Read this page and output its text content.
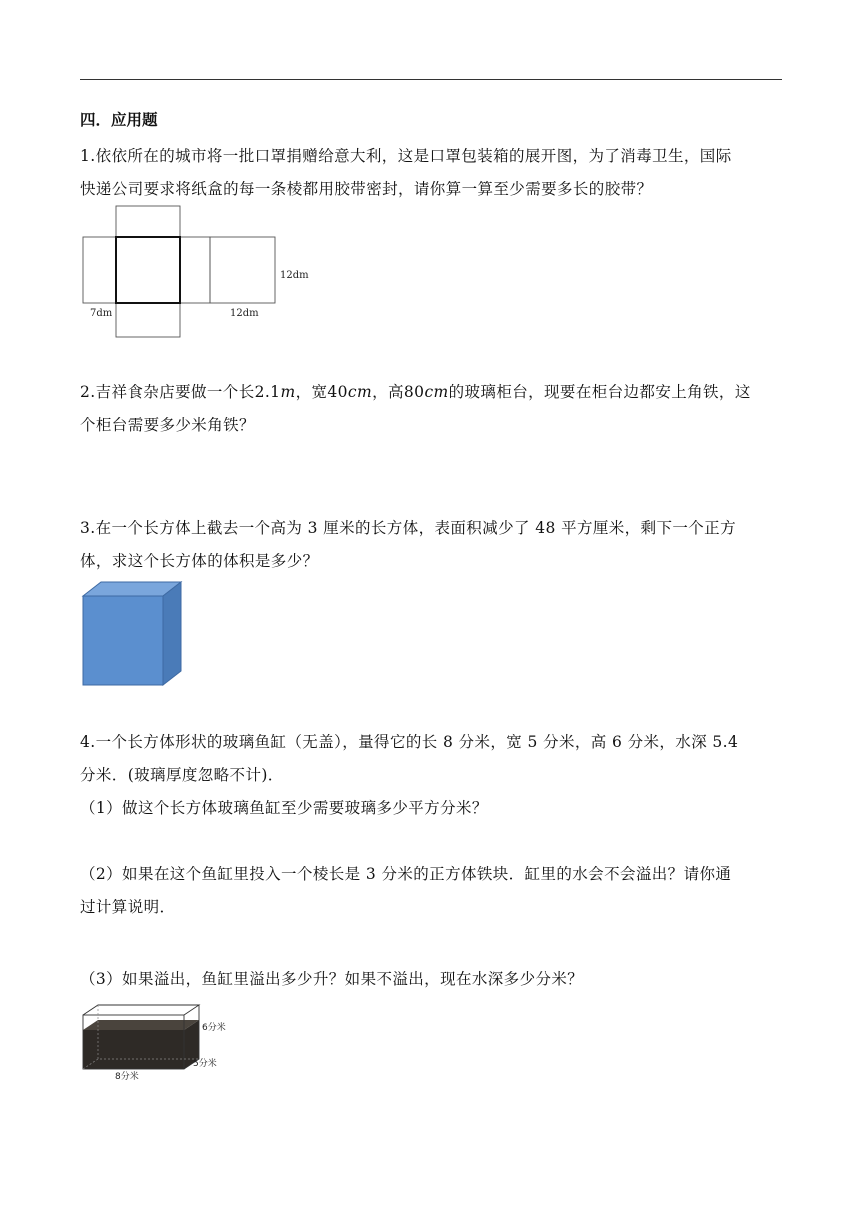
四．应用题
1.依依所在的城市将一批口罩捐赠给意大利，这是口罩包装箱的展开图，为了消毒卫生，国际
快递公司要求将纸盒的每一条棱都用胶带密封，请你算一算至少需要多长的胶带？
12dm
7dm	12dm
2.吉祥食杂店要做一个长2.1m，宽40cm，高80cm的玻璃柜台，现要在柜台边都安上角铁，这
个柜台需要多少米角铁？
3.在一个长方体上截去一个高为 3 厘米的长方体，表面积减少了 48 平方厘米，剩下一个正方
体，求这个长方体的体积是多少？
4.一个长方体形状的玻璃鱼缸（无盖），量得它的长 8 分米，宽 5 分米，高 6 分米，水深 5.4
分米．(玻璃厚度忽略不计)．
（1）做这个长方体玻璃鱼缸至少需要玻璃多少平方分米？
（2）如果在这个鱼缸里投入一个棱长是 3 分米的正方体铁块．缸里的水会不会溢出？请你通
过计算说明．
（3）如果溢出，鱼缸里溢出多少升？如果不溢出，现在水深多少分米？
6分米
5分米
8分米
